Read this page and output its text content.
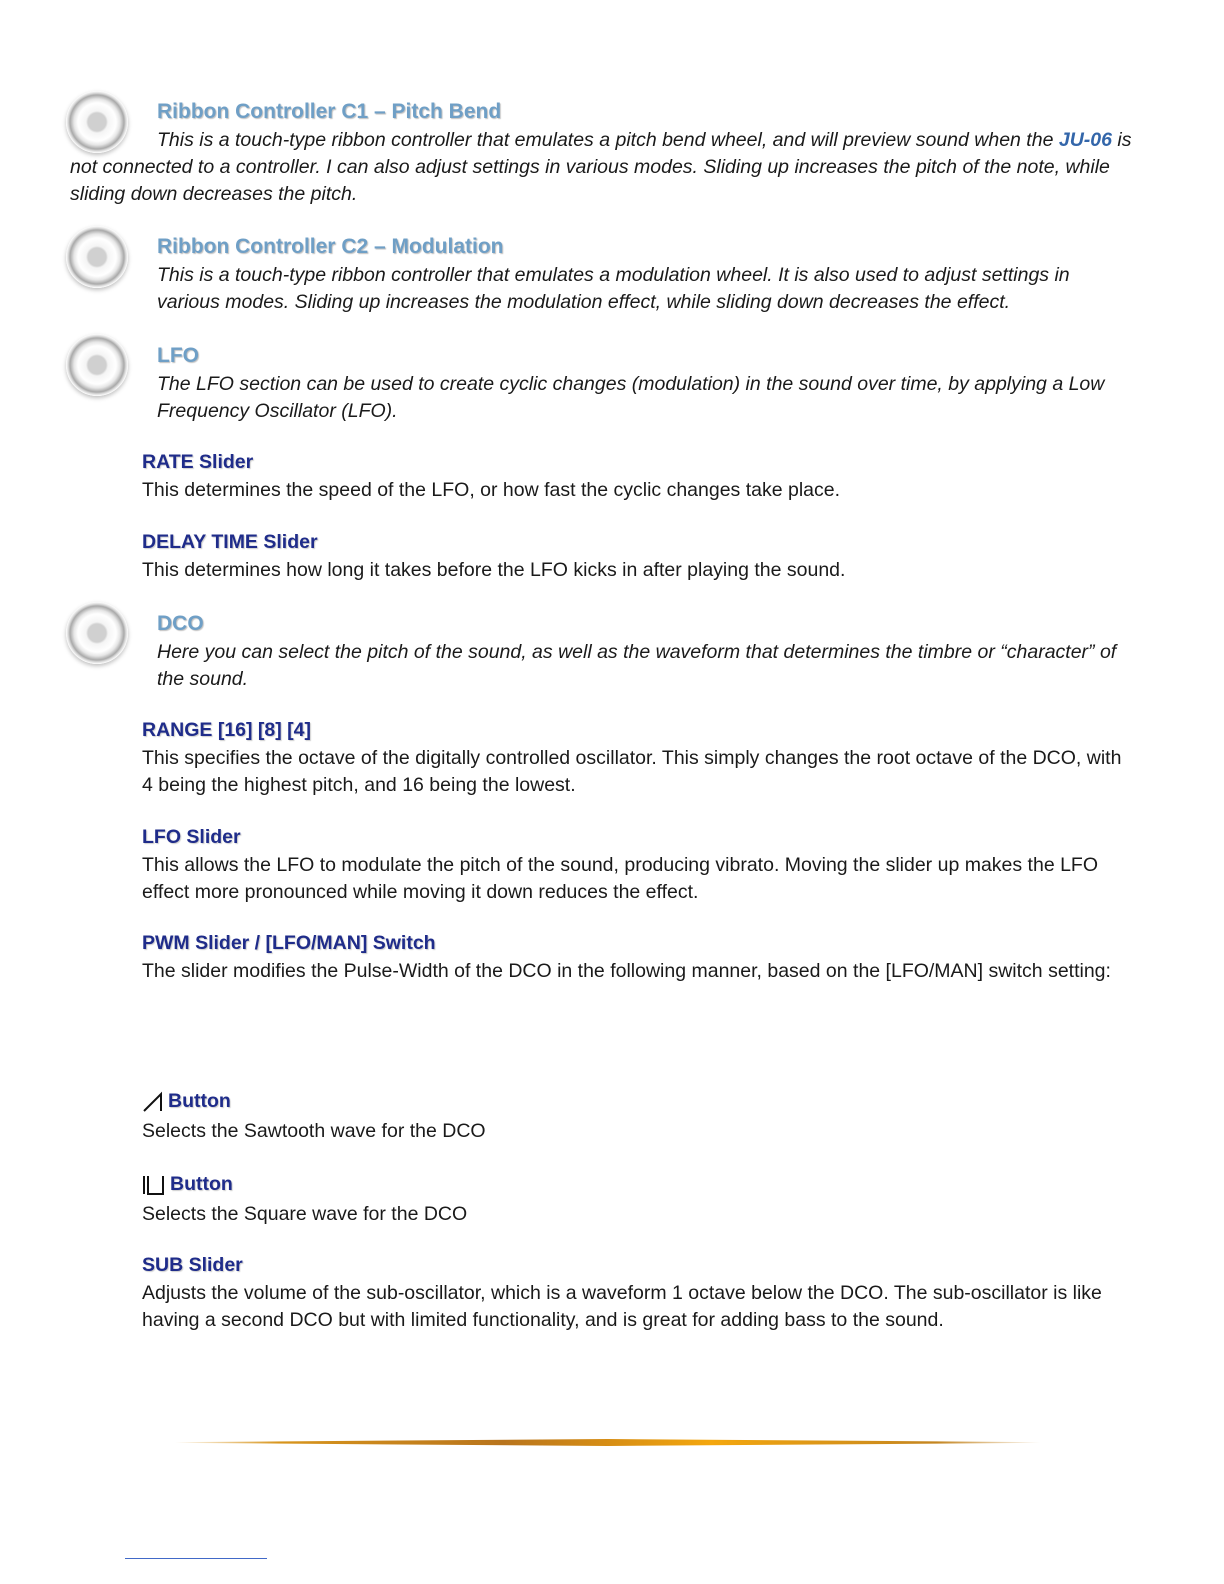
Ribbon Controller C1 – Pitch Bend

This is a touch-type ribbon controller that emulates a pitch bend wheel, and will preview sound when the JU-06 is not connected to a controller. I can also adjust settings in various modes. Sliding up increases the pitch of the note, while sliding down decreases the pitch.

Ribbon Controller C2 – Modulation

This is a touch-type ribbon controller that emulates a modulation wheel. It is also used to adjust settings in various modes. Sliding up increases the modulation effect, while sliding down decreases the effect.

LFO

The LFO section can be used to create cyclic changes (modulation) in the sound over time, by applying a Low Frequency Oscillator (LFO).

RATE Slider

This determines the speed of the LFO, or how fast the cyclic changes take place.

DELAY TIME Slider

This determines how long it takes before the LFO kicks in after playing the sound.

DCO

Here you can select the pitch of the sound, as well as the waveform that determines the timbre or “character” of the sound.

RANGE [16] [8] [4]

This specifies the octave of the digitally controlled oscillator. This simply changes the root octave of the DCO, with 4 being the highest pitch, and 16 being the lowest.

LFO Slider

This allows the LFO to modulate the pitch of the sound, producing vibrato. Moving the slider up makes the LFO effect more pronounced while moving it down reduces the effect.

PWM Slider / [LFO/MAN] Switch

The slider modifies the Pulse-Width of the DCO in the following manner, based on the [LFO/MAN] switch setting:

Button

Selects the Sawtooth wave for the DCO

Button

Selects the Square wave for the DCO

SUB Slider

Adjusts the volume of the sub-oscillator, which is a waveform 1 octave below the DCO. The sub-oscillator is like having a second DCO but with limited functionality, and is great for adding bass to the sound.
